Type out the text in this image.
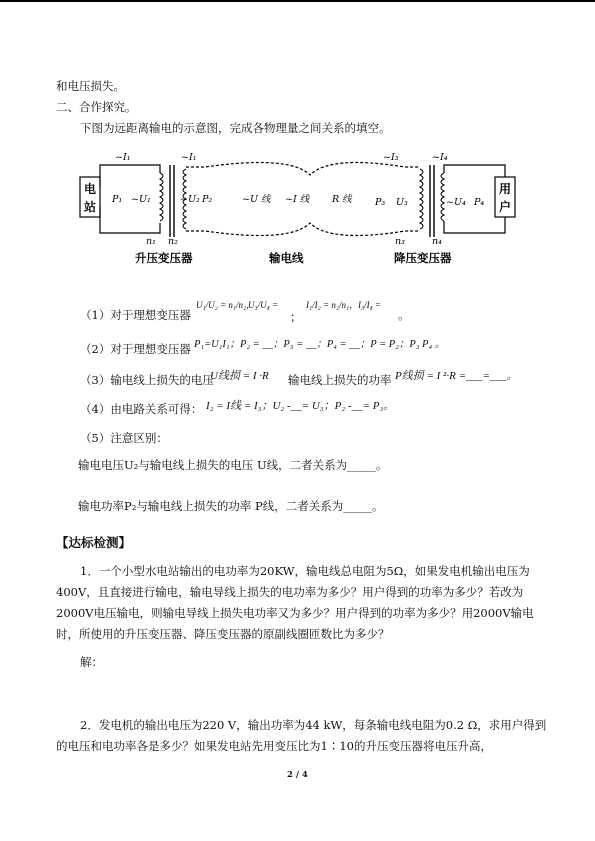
和电压损失。
二、合作探究。
下图为远距离输电的示意图，完成各物理量之间关系的填空。
电
站
用
户
~I₁	~I₁	~I₃	~I₄
P₁ ~U₁	~U₂ P₂	~U 线 ~I 线 R 线 P₃ U₃	~U₄ P₄
n₁ n₂	n₃	n₄
升压变压器	输电线	降压变压器
（1）对于理想变压器
U₁/U₂ = n₁/n₂，
U₃/U₄ =
；
I₁/I₂ = n₂/n₁， I₃/I₄ =
。
（2）对于理想变压器 P₁=U₁I₁；P₂ = __；P₃ = __；P₄ = __；P = P₂；P₃ P₄ 。
（3）输电线上损失的电压
U线损 = I ·R 输电线上损失的功率 P线损 = I ²·R =___=___。
（4）由电路关系可得： I₂ = I线 = I₃；U₂ -__= U₃；P₂ -__= P₃。
（5）注意区别：
输电电压U₂与输电线上损失的电压 U线，二者关系为_____。
输电功率P₂与输电线上损失的功率 P线，二者关系为_____。
【达标检测】
1．一个小型水电站输出的电功率为20KW，输电线总电阻为5Ω，如果发电机输出电压为400V，且直接进行输电，输电导线上损失的电功率为多少？用户得到的功率为多少？若改为2000V电压输电，则输电导线上损失电功率又为多少？用户得到的功率为多少？用2000V输电时，所使用的升压变压器、降压变压器的原副线圈匝数比为多少？
解：
2．发电机的输出电压为220 V，输出功率为44 kW，每条输电线电阻为0.2 Ω，求用户得到的电压和电功率各是多少？如果发电站先用变压比为1∶10的升压变压器将电压升高，
2 / 4
